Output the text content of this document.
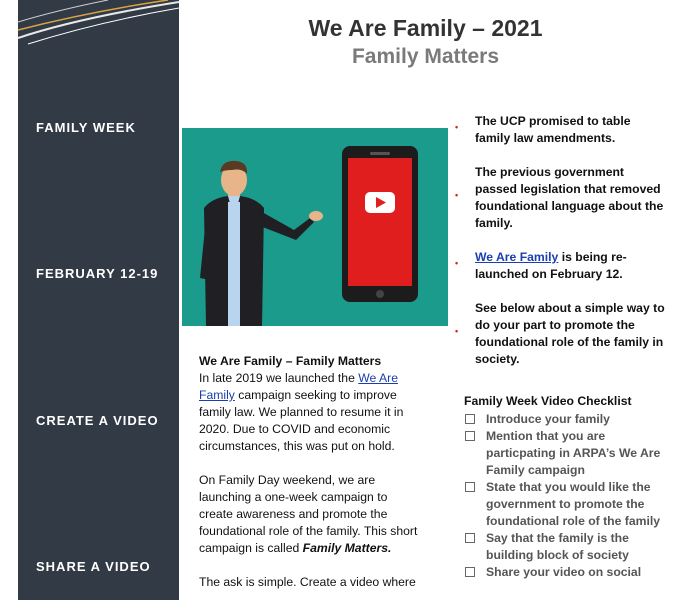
FAMILY WEEK
FEBRUARY 12-19
CREATE A VIDEO
SHARE A VIDEO
We Are Family – 2021
Family Matters
We Are Family – Family Matters
In late 2019 we launched the We Are Family campaign seeking to improve family law. We planned to resume it in 2020. Due to COVID and economic circumstances, this was put on hold.
On Family Day weekend, we are launching a one-week campaign to create awareness and promote the foundational role of the family. This short campaign is called Family Matters.
The ask is simple. Create a video where
• The UCP promised to table family law amendments.
•
The previous government passed legislation that removed foundational language about the family.
• We Are Family is being re-launched on February 12.
•
See below about a simple way to do your part to promote the foundational role of the family in society.
Family Week Video Checklist
Introduce your family
Mention that you are particpating in ARPA’s We Are Family campaign
State that you would like the government to promote the foundational role of the family
Say that the family is the building block of society
Share your video on social
